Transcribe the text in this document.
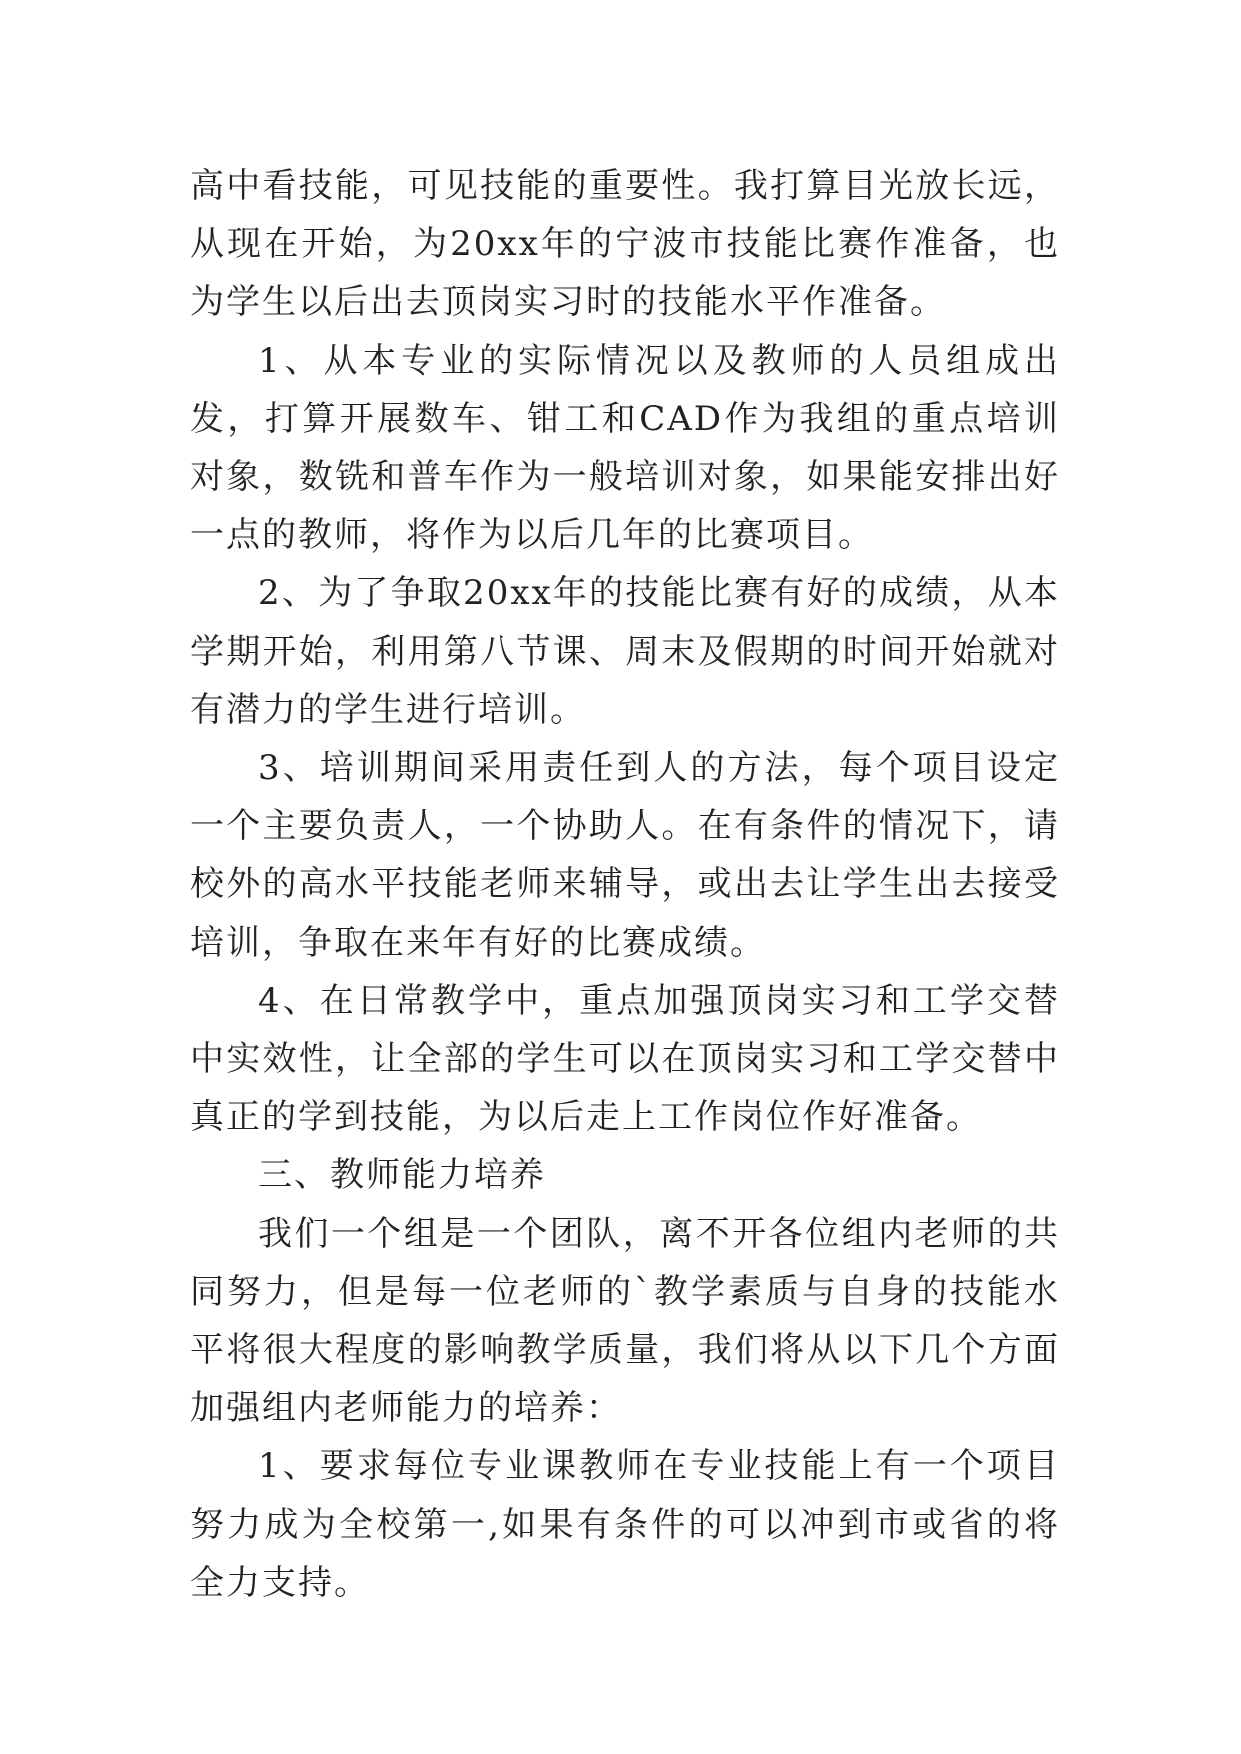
高中看技能，可见技能的重要性。我打算目光放长远，从现在开始，为20xx年的宁波市技能比赛作准备，也为学生以后出去顶岗实习时的技能水平作准备。

1、从本专业的实际情况以及教师的人员组成出发，打算开展数车、钳工和CAD作为我组的重点培训对象，数铣和普车作为一般培训对象，如果能安排出好一点的教师，将作为以后几年的比赛项目。

2、为了争取20xx年的技能比赛有好的成绩，从本学期开始，利用第八节课、周末及假期的时间开始就对有潜力的学生进行培训。

3、培训期间采用责任到人的方法，每个项目设定一个主要负责人，一个协助人。在有条件的情况下，请校外的高水平技能老师来辅导，或出去让学生出去接受培训，争取在来年有好的比赛成绩。

4、在日常教学中，重点加强顶岗实习和工学交替中实效性，让全部的学生可以在顶岗实习和工学交替中真正的学到技能，为以后走上工作岗位作好准备。

三、教师能力培养

我们一个组是一个团队，离不开各位组内老师的共同努力，但是每一位老师的`教学素质与自身的技能水平将很大程度的影响教学质量，我们将从以下几个方面加强组内老师能力的培养：

1、要求每位专业课教师在专业技能上有一个项目努力成为全校第一,如果有条件的可以冲到市或省的将全力支持。
